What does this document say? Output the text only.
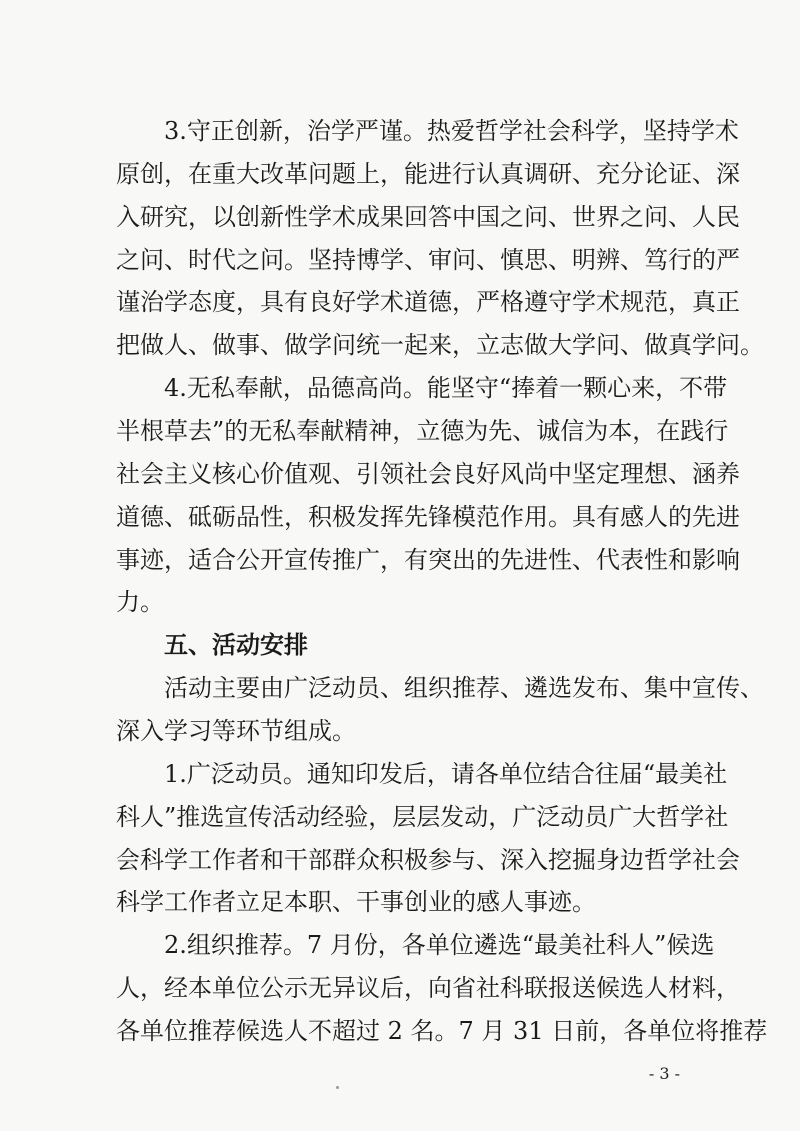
3.守正创新，治学严谨。热爱哲学社会科学，坚持学术
原创，在重大改革问题上，能进行认真调研、充分论证、深
入研究，以创新性学术成果回答中国之问、世界之问、人民
之问、时代之问。坚持博学、审问、慎思、明辨、笃行的严
谨治学态度，具有良好学术道德，严格遵守学术规范，真正
把做人、做事、做学问统一起来，立志做大学问、做真学问。
4.无私奉献，品德高尚。能坚守“捧着一颗心来，不带
半根草去”的无私奉献精神，立德为先、诚信为本，在践行
社会主义核心价值观、引领社会良好风尚中坚定理想、涵养
道德、砥砺品性，积极发挥先锋模范作用。具有感人的先进
事迹，适合公开宣传推广，有突出的先进性、代表性和影响
力。
五、活动安排
活动主要由广泛动员、组织推荐、遴选发布、集中宣传、
深入学习等环节组成。
1.广泛动员。通知印发后，请各单位结合往届“最美社
科人”推选宣传活动经验，层层发动，广泛动员广大哲学社
会科学工作者和干部群众积极参与、深入挖掘身边哲学社会
科学工作者立足本职、干事创业的感人事迹。
2.组织推荐。7 月份，各单位遴选“最美社科人”候选
人，经本单位公示无异议后，向省社科联报送候选人材料，
- 3 -
各单位推荐候选人不超过 2 名。7 月 31 日前，各单位将推荐
